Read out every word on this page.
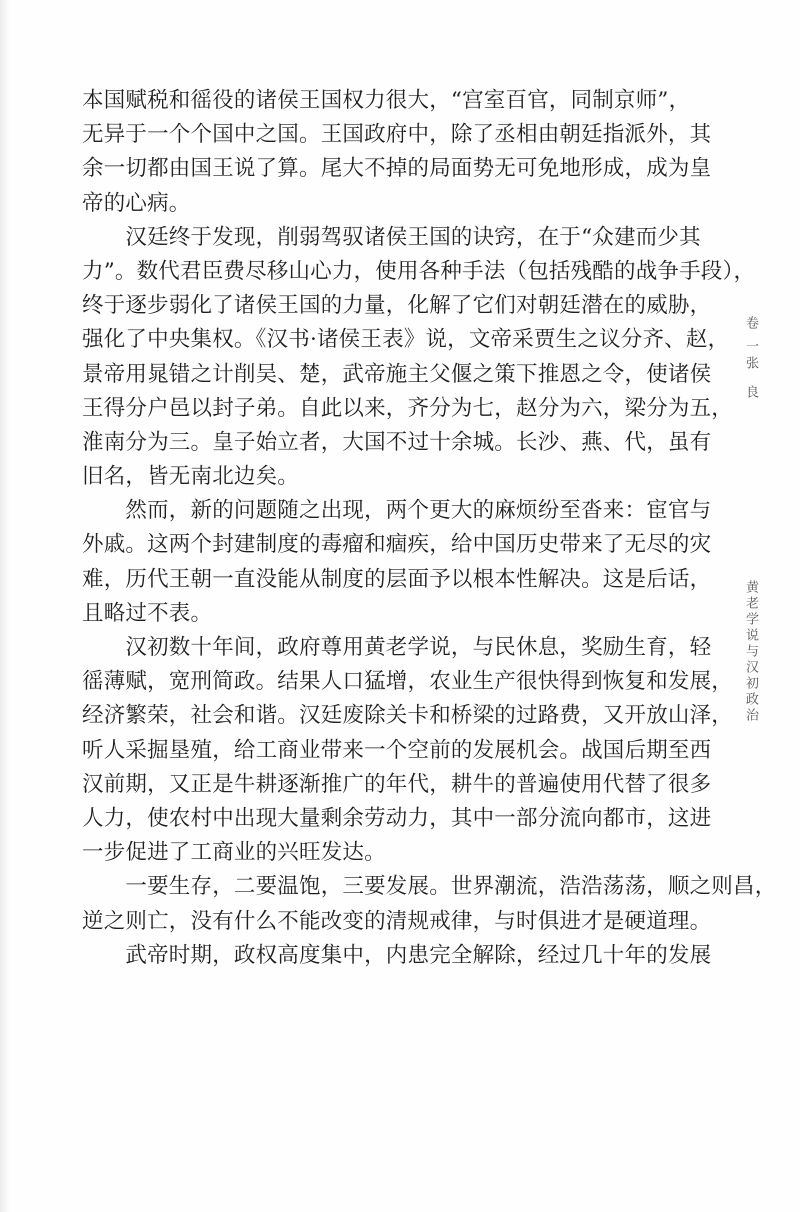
本国赋税和徭役的诸侯王国权力很大，“宫室百官，同制京师”，
无异于一个个国中之国。王国政府中，除了丞相由朝廷指派外，其
余一切都由国王说了算。尾大不掉的局面势无可免地形成，成为皇
帝的心病。
　　汉廷终于发现，削弱驾驭诸侯王国的诀窍，在于“众建而少其
力”。数代君臣费尽移山心力，使用各种手法（包括残酷的战争手段），
终于逐步弱化了诸侯王国的力量，化解了它们对朝廷潜在的威胁，
强化了中央集权。《汉书·诸侯王表》说，文帝采贾生之议分齐、赵，
景帝用晁错之计削吴、楚，武帝施主父偃之策下推恩之令，使诸侯
王得分户邑以封子弟。自此以来，齐分为七，赵分为六，梁分为五，
淮南分为三。皇子始立者，大国不过十余城。长沙、燕、代，虽有
旧名，皆无南北边矣。
　　然而，新的问题随之出现，两个更大的麻烦纷至沓来：宦官与
外戚。这两个封建制度的毒瘤和痼疾，给中国历史带来了无尽的灾
难，历代王朝一直没能从制度的层面予以根本性解决。这是后话，
且略过不表。
　　汉初数十年间，政府尊用黄老学说，与民休息，奖励生育，轻
徭薄赋，宽刑简政。结果人口猛增，农业生产很快得到恢复和发展，
经济繁荣，社会和谐。汉廷废除关卡和桥梁的过路费，又开放山泽，
听人采掘垦殖，给工商业带来一个空前的发展机会。战国后期至西
汉前期，又正是牛耕逐渐推广的年代，耕牛的普遍使用代替了很多
人力，使农村中出现大量剩余劳动力，其中一部分流向都市，这进
一步促进了工商业的兴旺发达。
　　一要生存，二要温饱，三要发展。世界潮流，浩浩荡荡，顺之则昌，
逆之则亡，没有什么不能改变的清规戒律，与时俱进才是硬道理。
　　武帝时期，政权高度集中，内患完全解除，经过几十年的发展
卷一
张良
黄老学说与汉初政治
